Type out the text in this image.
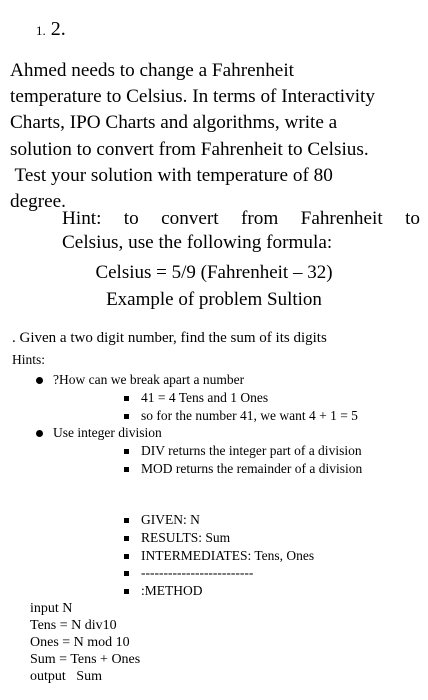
1. 2.
Ahmed needs to change a Fahrenheit
temperature to Celsius. In terms of Interactivity
Charts, IPO Charts and algorithms, write a
solution to convert from Fahrenheit to Celsius.
Test your solution with temperature of 80
degree.
Hint: to convert from Fahrenheit to
Celsius, use the following formula:
Celsius = 5/9 (Fahrenheit – 32)
Example of problem Sultion
. Given a two digit number, find the sum of its digits
Hints:
?How can we break apart a number
41 = 4 Tens and 1 Ones
so for the number 41, we want 4 + 1 = 5
Use integer division
DIV returns the integer part of a division
MOD returns the remainder of a division
GIVEN: N
RESULTS: Sum
INTERMEDIATES: Tens, Ones
-------------------------
:METHOD
input N
Tens = N div10
Ones = N mod 10
Sum = Tens + Ones
output   Sum
